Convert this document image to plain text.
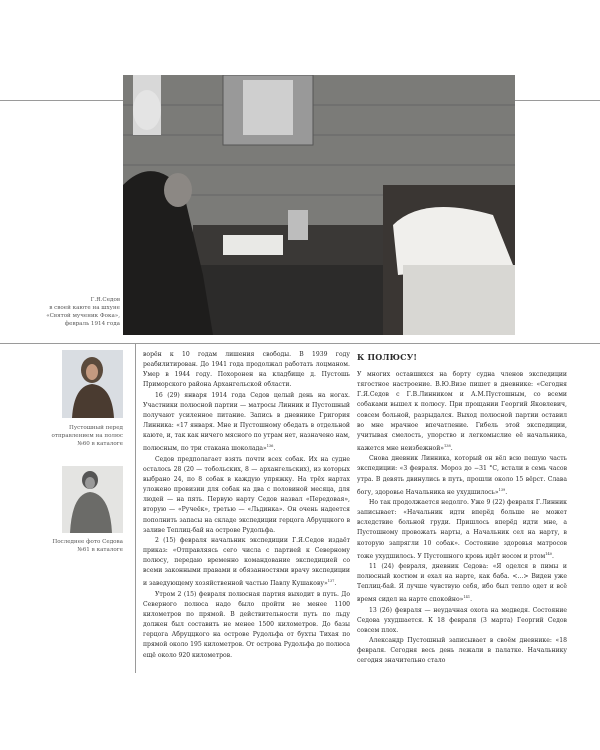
Г.Я.Седов
в своей каюте на шхуне
«Святой мученик Фока»,
февраль 1914 года
Пустошный перед
отправлением на полюс
№60 в каталоге
Последнее фото Седова
№61 в каталоге

ворён к 10 годам лишения свободы. В 1939 году реабилитирован. До 1941 года продолжал работать лоцманом. Умер в 1944 году. Похоронен на кладбище д. Пустошь Приморского района Архангельской области.

16 (29) января 1914 года Седов целый день на ногах. Участники полюсной партии — матросы Линник и Пустошный получают усиленное питание. Запись в дневнике Григория Линника: «17 января. Мне и Пустошному обедать в отдельной каюте, и, так как ничего мясного по утрам нет, назначено нам, полюсным, по три стакана шоколада»$^{136}$.

Седов предполагает взять почти всех собак. Их на судне осталось 28 (20 — тобольских, 8 — архангельских), из которых выбрано 24, по 8 собак в каждую упряжку. На трёх нартах уложено провизии для собак на два с половиной месяца, для людей — на пять. Первую нарту Седов назвал «Передовая», вторую — «Ручеёк», третью — «Льдинка». Он очень надеется пополнить запасы на складе экспедиции герцога Абруццкого в заливе Теплиц-бай на острове Рудольфа.

2 (15) февраля начальник экспедиции Г.Я.Седов издаёт приказ: «Отправляясь сего числа с партией к Северному полюсу, передаю временно командование экспедицией со всеми законными правами и обязанностями врачу экспедиции и заведующему хозяйственной частью Павлу Кушакову»$^{137}$.

Утром 2 (15) февраля полюсная партия выходит в путь. До Северного полюса надо было пройти не менее 1100 километров по прямой. В действительности путь по льду должен был составить не менее 1500 километров. До базы герцога Абруццкого на острове Рудольфа от бухты Тихая по прямой около 195 километров. От острова Рудольфа до полюса ещё около 920 километров.

К ПОЛЮСУ!

У многих оставшихся на борту судна членов экспедиции тягостное настроение. В.Ю.Визе пишет в дневнике: «Сегодня Г.Я.Седов с Г.В.Линником и А.М.Пустошным, со всеми собаками вышел к полюсу. При прощании Георгий Яковлевич, совсем больной, разрыдался. Выход полюсной партии оставил во мне мрачное впечатление. Гибель этой экспедиции, учитывая смелость, упорство и легкомыслие её начальника, кажется мне неизбежной»$^{138}$.

Снова дневник Линника, который он вёл всю пешую часть экспедиции: «3 февраля. Мороз до −31 °С, встали в семь часов утра. В девять двинулись в путь, прошли около 15 вёрст. Слава богу, здоровье Начальника не ухудшилось»$^{139}$.

Но так продолжается недолго. Уже 9 (22) февраля Г.Линник записывает: «Начальник идти вперёд больше не может вследствие больной груди. Пришлось вперёд идти мне, а Пустошному провожать нарты, а Начальник сел на нарту, в которую запрягли 10 собак». Состояние здоровья матросов тоже ухудшилось. У Пустошного кровь идёт носом и ртом$^{140}$.

11 (24) февраля, дневник Седова: «Я оделся в пимы и полюсный костюм и ехал на нарте, как баба. <...> Виден уже Теплиц-бай. Я лучше чувствую себя, ибо был тепло одет и всё время сидел на нарте спокойно»$^{141}$.

13 (26) февраля — неудачная охота на медведя. Состояние Седова ухудшается. К 18 февраля (3 марта) Георгий Седов совсем плох.

Александр Пустошный записывает в своём дневнике: «18 февраля. Сегодня весь день лежали в палатке. Начальнику сегодня значительно стало
